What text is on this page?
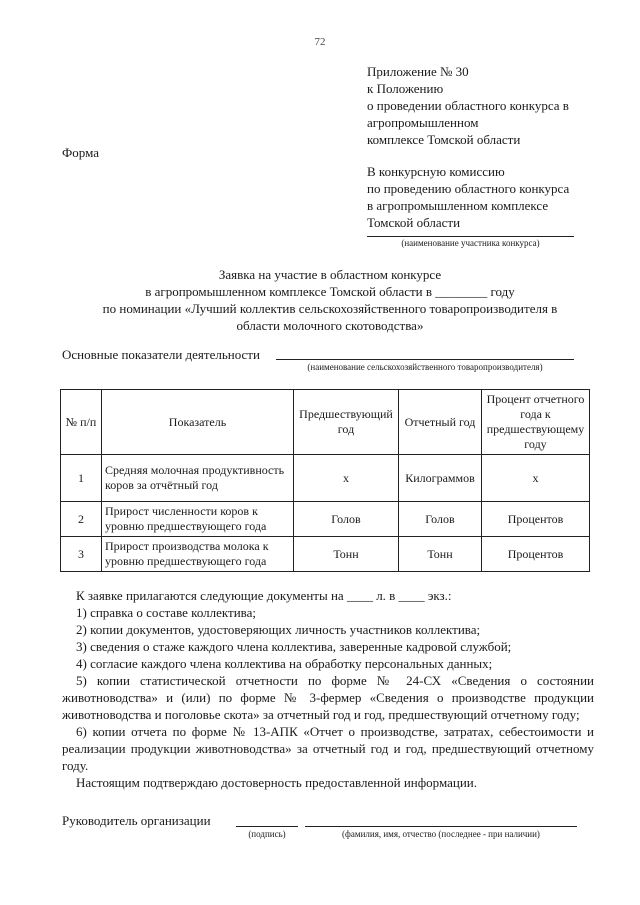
72
Приложение № 30
к Положению
о проведении областного конкурса в
агропромышленном
комплексе Томской области
Форма
В конкурсную комиссию
по проведению областного конкурса
в агропромышленном комплексе
Томской области
(наименование участника конкурса)
Заявка на участие в областном конкурсе
в агропромышленном комплексе Томской области в ________ году
по номинации «Лучший коллектив сельскохозяйственного товаропроизводителя в
области молочного скотоводства»
Основные показатели деятельности
(наименование сельскохозяйственного товаропроизводителя)
№ п/п	Показатель	Предшествующий год	Отчетный год	Процент отчетного года к предшествующему году
1	Средняя молочная продуктивность коров за отчётный год	х	Килограммов	х
2	Прирост численности коров к уровню предшествующего года	Голов	Голов	Процентов
3	Прирост производства молока к уровню предшествующего года	Тонн	Тонн	Процентов

К заявке прилагаются следующие документы на ____ л. в ____ экз.:

1) справка о составе коллектива;

2) копии документов, удостоверяющих личность участников коллектива;

3) сведения о стаже каждого члена коллектива, заверенные кадровой службой;

4) согласие каждого члена коллектива на обработку персональных данных;

5) копии статистической отчетности по форме № 24-СХ «Сведения о состоянии животноводства» и (или) по форме № 3-фермер «Сведения о производстве продукции животноводства и поголовье скота» за отчетный год и год, предшествующий отчетному году;

6) копии отчета по форме № 13-АПК «Отчет о производстве, затратах, себестоимости и реализации продукции животноводства» за отчетный год и год, предшествующий отчетному году.

Настоящим подтверждаю достоверность предоставленной информации.

Руководитель организации
(подпись)	(фамилия, имя, отчество (последнее - при наличии)
